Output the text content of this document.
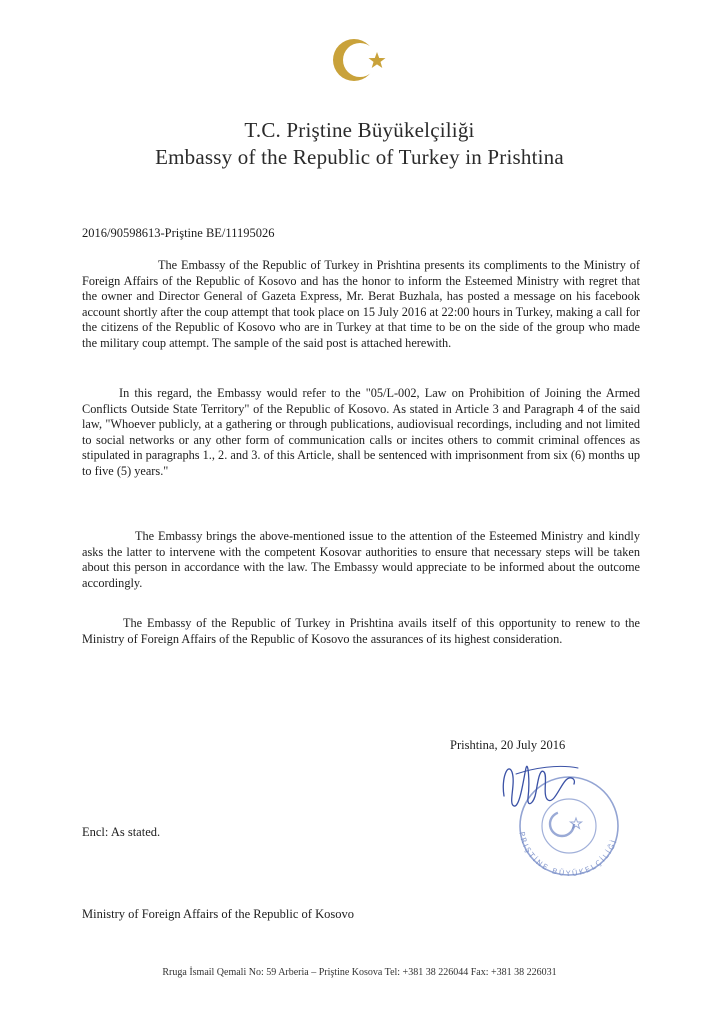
T.C. Priştine Büyükelçiliği
Embassy of the Republic of Turkey in Prishtina
2016/90598613-Priştine BE/11195026

The Embassy of the Republic of Turkey in Prishtina presents its compliments to the Ministry of Foreign Affairs of the Republic of Kosovo and has the honor to inform the Esteemed Ministry with regret that the owner and Director General of Gazeta Express, Mr. Berat Buzhala, has posted a message on his facebook account shortly after the coup attempt that took place on 15 July 2016 at 22:00 hours in Turkey, making a call for the citizens of the Republic of Kosovo who are in Turkey at that time to be on the side of the group who made the military coup attempt. The sample of the said post is attached herewith.

In this regard, the Embassy would refer to the "05/L-002, Law on Prohibition of Joining the Armed Conflicts Outside State Territory" of the Republic of Kosovo. As stated in Article 3 and Paragraph 4 of the said law, "Whoever publicly, at a gathering or through publications, audiovisual recordings, including and not limited to social networks or any other form of communication calls or incites others to commit criminal offences as stipulated in paragraphs 1., 2. and 3. of this Article, shall be sentenced with imprisonment from six (6) months up to five (5) years."

The Embassy brings the above-mentioned issue to the attention of the Esteemed Ministry and kindly asks the latter to intervene with the competent Kosovar authorities to ensure that necessary steps will be taken about this person in accordance with the law. The Embassy would appreciate to be informed about the outcome accordingly.

The Embassy of the Republic of Turkey in Prishtina avails itself of this opportunity to renew to the Ministry of Foreign Affairs of the Republic of Kosovo the assurances of its highest consideration.

Prishtina, 20 July 2016
PRIŞTİNE BÜYÜKELÇİLİĞİ
Encl: As stated.
Ministry of Foreign Affairs of the Republic of Kosovo
Rruga İsmail Qemali No: 59 Arberia – Priştine Kosova Tel: +381 38 226044 Fax: +381 38 226031
